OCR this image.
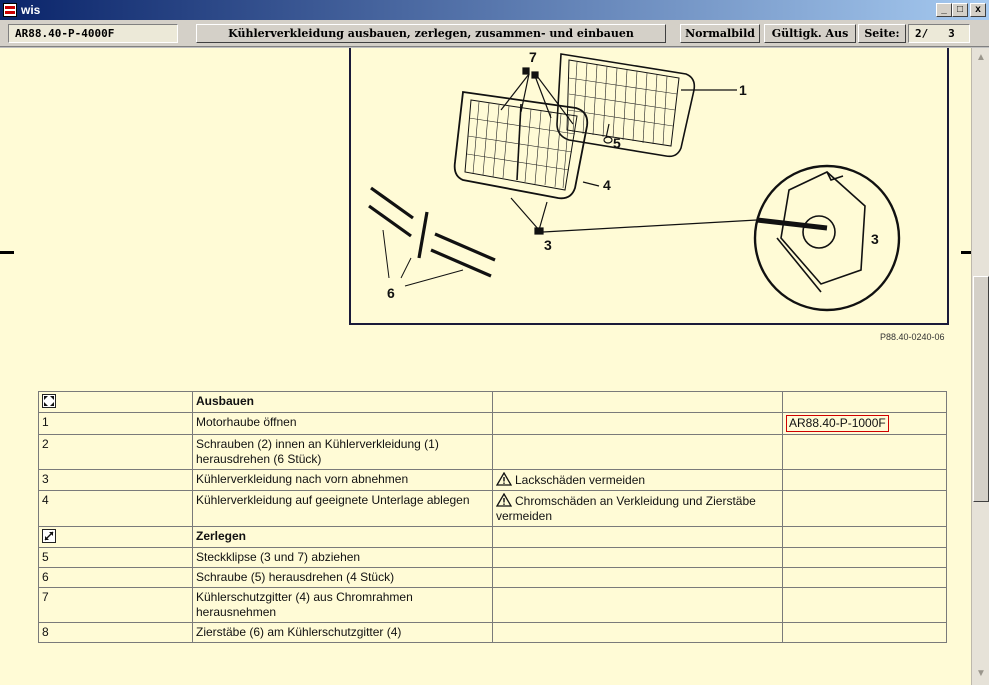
wis	_	□	x
AR88.40-P-4000F	Kühlerverkleidung ausbauen, zerlegen, zusammen- und einbauen	Normalbild	Gültigk. Aus	Seite:	2/   3
1
3	3
4
5
6
7
P88.40-0240-06
	Ausbauen		
1	Motorhaube öffnen		AR88.40-P-1000F
2	Schrauben (2) innen an Kühlerverkleidung (1) herausdrehen (6 Stück)		
3	Kühlerverkleidung nach vorn abnehmen	Lackschäden vermeiden	
4	Kühlerverkleidung auf geeignete Unterlage ablegen	Chromschäden an Verkleidung und Zierstäbe vermeiden	

	Zerlegen		
5	Steckklipse (3 und 7) abziehen		
6	Schraube (5) herausdrehen (4 Stück)		
7	Kühlerschutzgitter (4) aus Chromrahmen herausnehmen		
8	Zierstäbe (6) am Kühlerschutzgitter (4)		
▲
▼
